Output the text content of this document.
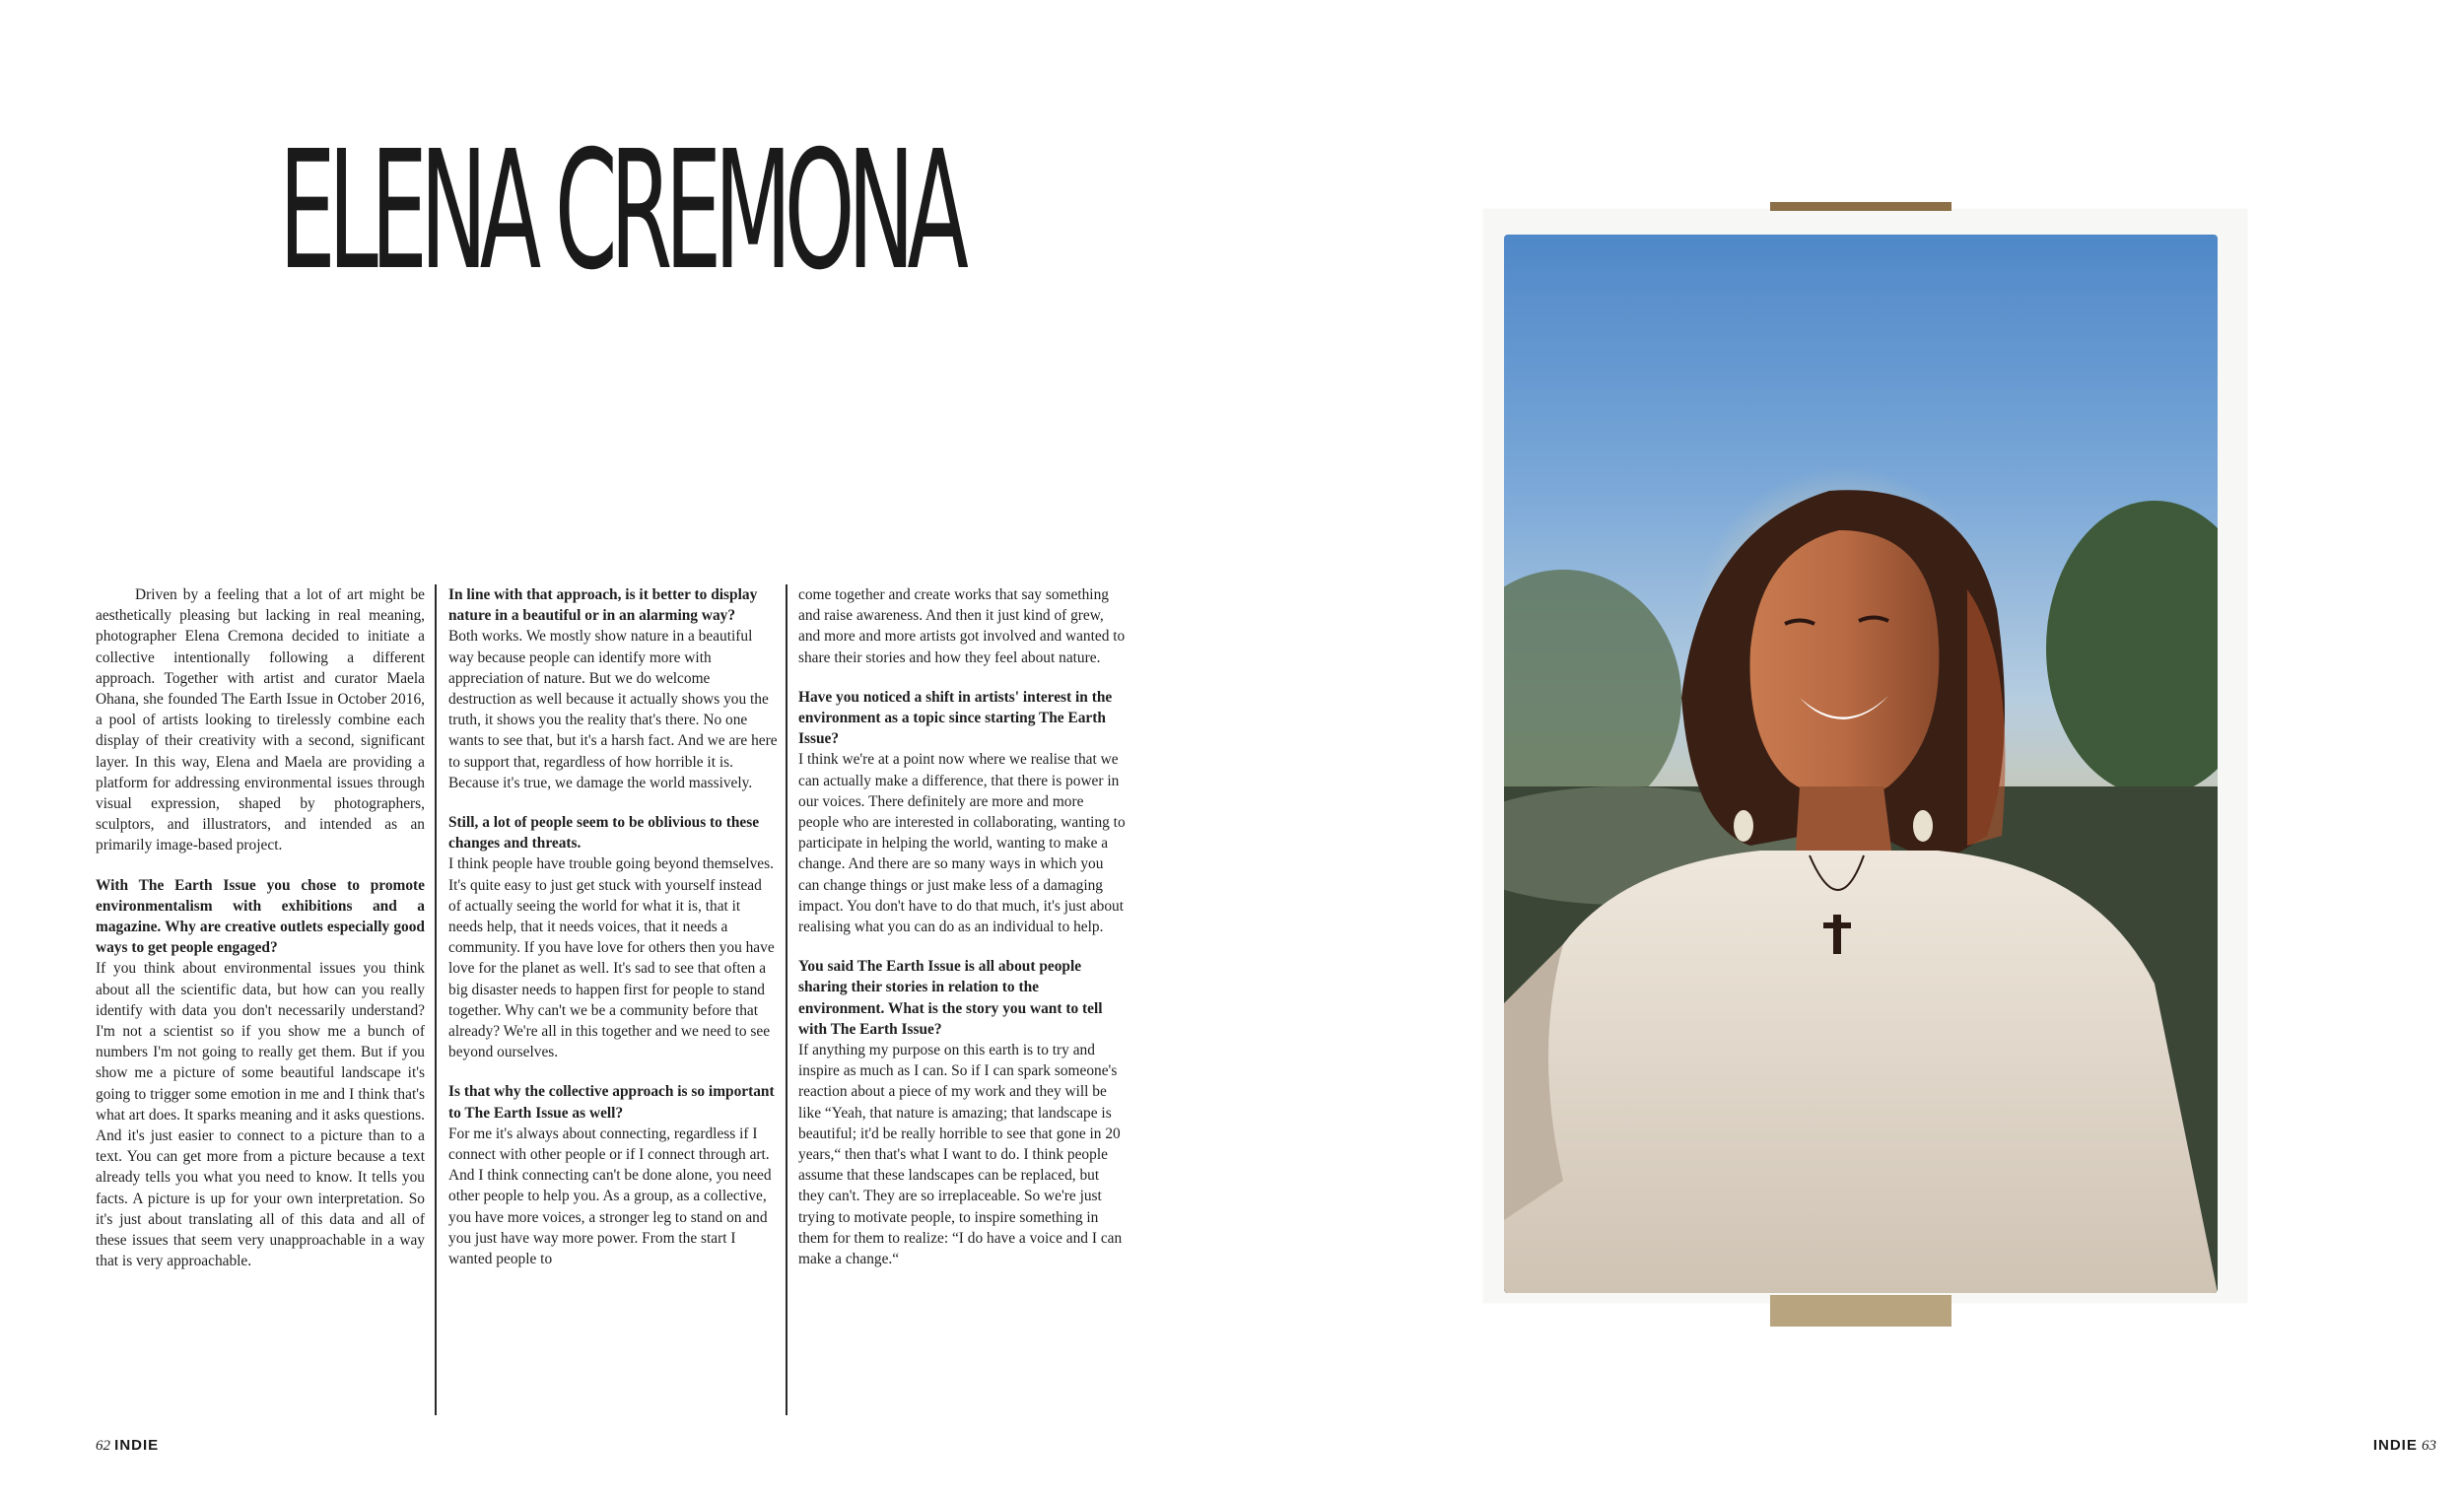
ELENA CREMONA

Driven by a feeling that a lot of art might be aesthetically pleasing but lacking in real meaning, photographer Elena Cremona decided to initiate a collective intentionally following a different approach. Together with artist and curator Maela Ohana, she founded The Earth Issue in October 2016, a pool of artists looking to tirelessly combine each display of their creativity with a second, significant layer. In this way, Elena and Maela are providing a platform for addressing environmental issues through visual expression, shaped by photographers, sculptors, and illustrators, and intended as an primarily image-based project.

With The Earth Issue you chose to promote environmentalism with exhibitions and a magazine. Why are creative outlets especially good ways to get people engaged?

If you think about environmental issues you think about all the scientific data, but how can you really identify with data you don't necessarily understand? I'm not a scientist so if you show me a bunch of numbers I'm not going to really get them. But if you show me a picture of some beautiful landscape it's going to trigger some emotion in me and I think that's what art does. It sparks meaning and it asks questions. And it's just easier to connect to a picture than to a text. You can get more from a picture because a text already tells you what you need to know. It tells you facts. A picture is up for your own interpretation. So it's just about translating all of this data and all of these issues that seem very unapproachable in a way that is very approachable.

In line with that approach, is it better to display nature in a beautiful or in an alarming way?

Both works. We mostly show nature in a beautiful way because people can identify more with appreciation of nature. But we do welcome destruction as well because it actually shows you the truth, it shows you the reality that's there. No one wants to see that, but it's a harsh fact. And we are here to support that, regardless of how horrible it is. Because it's true, we damage the world massively.

Still, a lot of people seem to be oblivious to these changes and threats.

I think people have trouble going beyond themselves. It's quite easy to just get stuck with yourself instead of actually seeing the world for what it is, that it needs help, that it needs voices, that it needs a community. If you have love for others then you have love for the planet as well. It's sad to see that often a big disaster needs to happen first for people to stand together. Why can't we be a community before that already? We're all in this together and we need to see beyond ourselves.

Is that why the collective approach is so important to The Earth Issue as well?

For me it's always about connecting, regardless if I connect with other people or if I connect through art. And I think connecting can't be done alone, you need other people to help you. As a group, as a collective, you have more voices, a stronger leg to stand on and you just have way more power. From the start I wanted people to

come together and create works that say something and raise awareness. And then it just kind of grew, and more and more artists got involved and wanted to share their stories and how they feel about nature.

Have you noticed a shift in artists' interest in the environment as a topic since starting The Earth Issue?

I think we're at a point now where we realise that we can actually make a difference, that there is power in our voices. There definitely are more and more people who are interested in collaborating, wanting to participate in helping the world, wanting to make a change. And there are so many ways in which you can change things or just make less of a damaging impact. You don't have to do that much, it's just about realising what you can do as an individual to help.

You said The Earth Issue is all about people sharing their stories in relation to the environment. What is the story you want to tell with The Earth Issue?

If anything my purpose on this earth is to try and inspire as much as I can. So if I can spark someone's reaction about a piece of my work and they will be like “Yeah, that nature is amazing; that landscape is beautiful; it'd be really horrible to see that gone in 20 years,“ then that's what I want to do. I think people assume that these landscapes can be replaced, but they can't. They are so irreplaceable. So we're just trying to motivate people, to inspire something in them for them to realize: “I do have a voice and I can make a change.“

62 INDIE	INDIE 63
